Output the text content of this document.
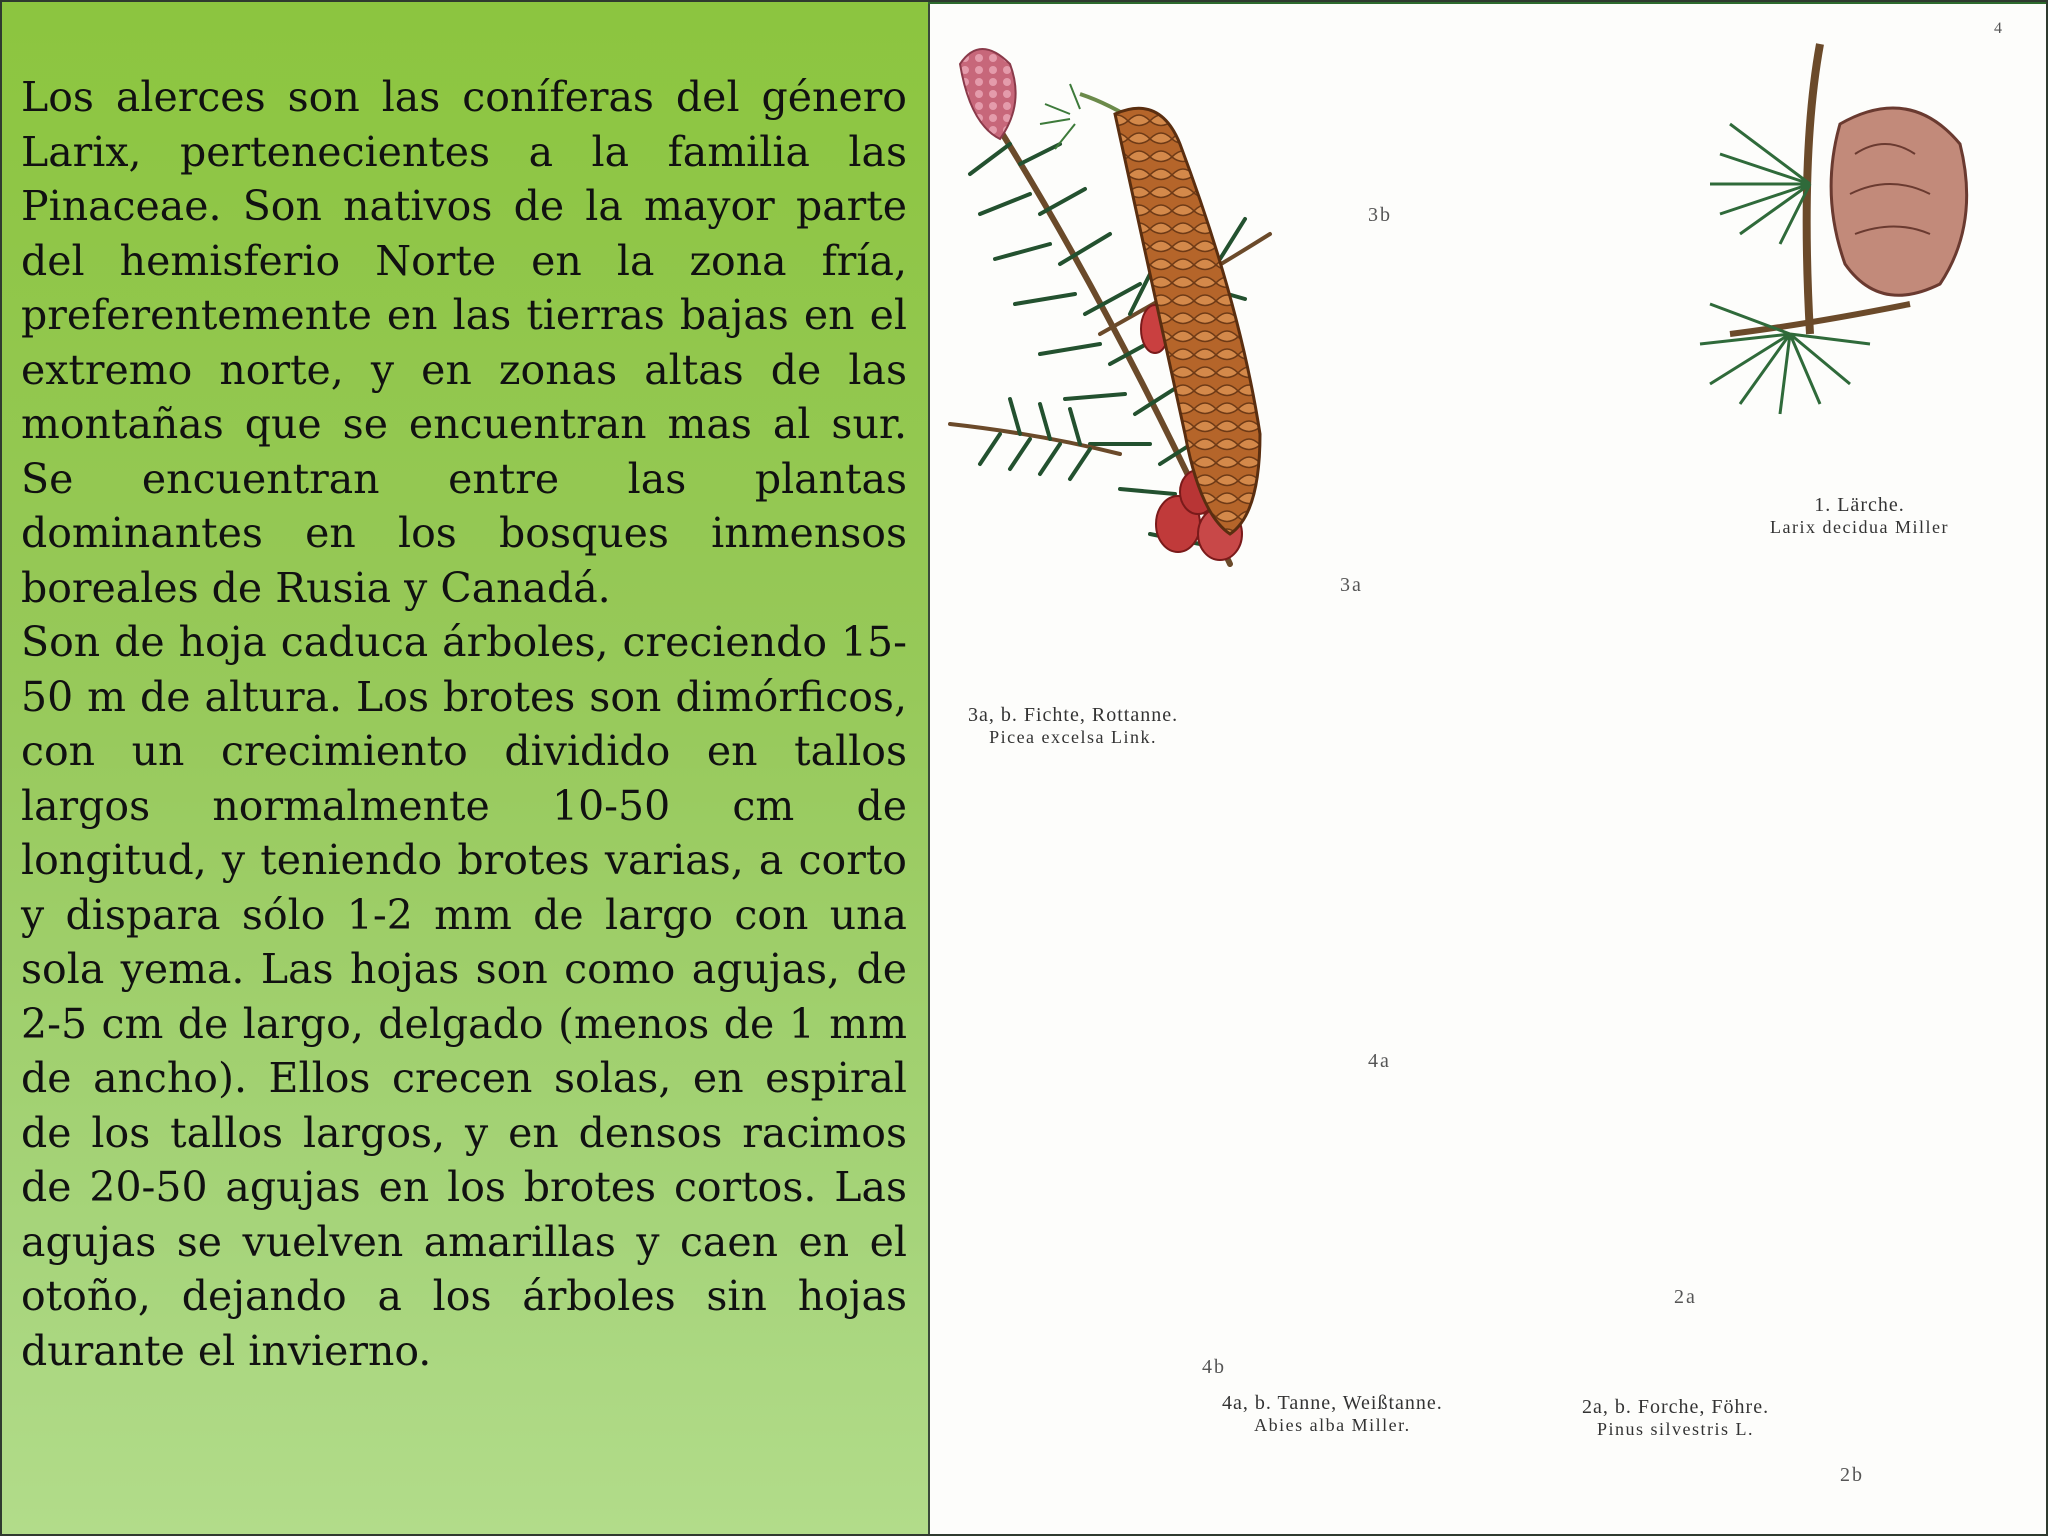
Los alerces son las coníferas del género Larix, pertenecientes a la familia las Pinaceae. Son nativos de la mayor parte del hemisferio Norte en la zona fría, preferentemente en las tierras bajas en el extremo norte, y en zonas altas de las montañas que se encuentran mas al sur. Se encuentran entre las plantas dominantes en los bosques inmensos boreales de Rusia y Canadá.

Son de hoja caduca árboles, creciendo 15-50 m de altura. Los brotes son dimórficos, con un crecimiento dividido en tallos largos normalmente 10-50 cm de longitud, y teniendo brotes varias, a corto y dispara sólo 1-2 mm de largo con una sola yema. Las hojas son como agujas, de 2-5 cm de largo, delgado (menos de 1 mm de ancho). Ellos crecen solas, en espiral de los tallos largos, y en densos racimos de 20-50 agujas en los brotes cortos. Las agujas se vuelven amarillas y caen en el otoño, dejando a los árboles sin hojas durante el invierno.

4
3b
3a
4a
4b
2a
2b
1. Lärche.
Larix decidua Miller
3a, b. Fichte, Rottanne.
Picea excelsa Link.
4a, b. Tanne, Weißtanne.
Abies alba Miller.
2a, b. Forche, Föhre.
Pinus silvestris L.
